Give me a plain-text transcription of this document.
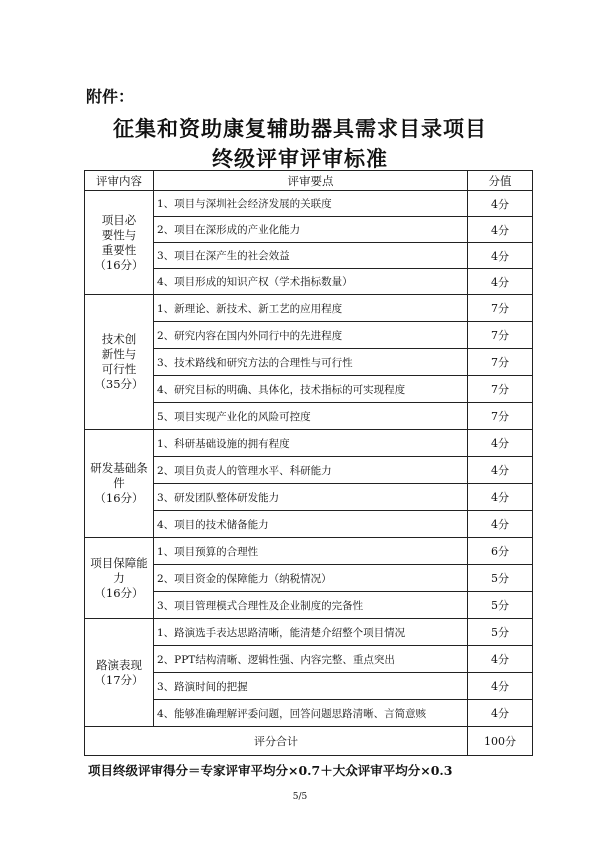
附件：
征集和资助康复辅助器具需求目录项目
终级评审评审标准
评审内容	评审要点	分值

项目必
要性与
重要性
（16分）	1、项目与深圳社会经济发展的关联度	4分
	2、项目在深形成的产业化能力	4分
	3、项目在深产生的社会效益	4分
	4、项目形成的知识产权（学术指标数量）	4分

技术创
新性与
可行性
（35分）	1、新理论、新技术、新工艺的应用程度	7分
	2、研究内容在国内外同行中的先进程度	7分
	3、技术路线和研究方法的合理性与可行性	7分
	4、研究目标的明确、具体化，技术指标的可实现程度	7分
	5、项目实现产业化的风险可控度	7分

研发基础条
件
（16分）	1、科研基础设施的拥有程度	4分
	2、项目负责人的管理水平、科研能力	4分
	3、研发团队整体研发能力	4分
	4、项目的技术储备能力	4分

项目保障能
力
（16分）	1、项目预算的合理性	6分
	2、项目资金的保障能力（纳税情况）	5分
	3、项目管理模式合理性及企业制度的完备性	5分

路演表现
（17分）	1、路演选手表达思路清晰，能清楚介绍整个项目情况	5分
	2、PPT结构清晰、逻辑性强、内容完整、重点突出	4分
	3、路演时间的把握	4分
	4、能够准确理解评委问题，回答问题思路清晰、言简意赅	4分
评分合计		100分
项目终级评审得分＝专家评审平均分×0.7＋大众评审平均分×0.3
5/5
